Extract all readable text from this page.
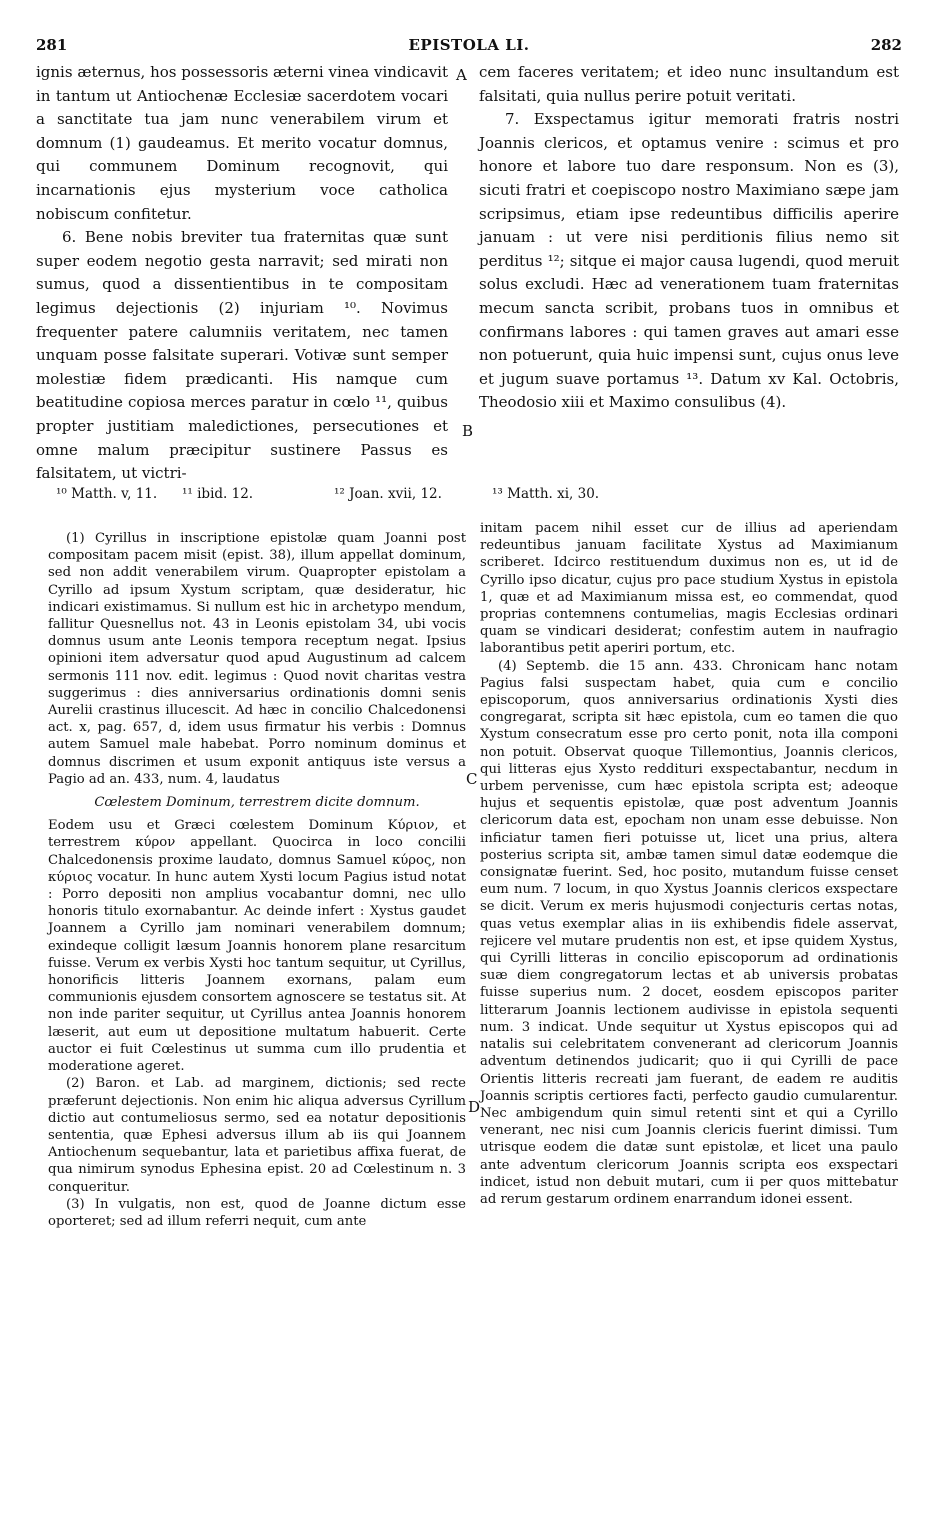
281	EPISTOLA LI.	282

ignis æternus, hos possessoris æterni vinea vindicavit in tantum ut Antiochenæ Ecclesiæ sacerdotem vocari a sanctitate tua jam nunc venerabilem virum et domnum (1) gaudeamus. Et merito vocatur domnus, qui communem Dominum recognovit, qui incarnationis ejus mysterium voce catholica nobiscum confitetur.

6. Bene nobis breviter tua fraternitas quæ sunt super eodem negotio gesta narravit; sed mirati non sumus, quod a dissentientibus in te compositam legimus dejectionis (2) injuriam ¹⁰. Novimus frequenter patere calumniis veritatem, nec tamen unquam posse falsitate superari. Votivæ sunt semper molestiæ fidem prædicanti. His namque cum beatitudine copiosa merces paratur in cœlo ¹¹, quibus propter justitiam maledictiones, persecutiones et omne malum præcipitur sustinere Passus es falsitatem, ut victri-

cem faceres veritatem; et ideo nunc insultandum est falsitati, quia nullus perire potuit veritati.

7. Exspectamus igitur memorati fratris nostri Joannis clericos, et optamus venire : scimus et pro honore et labore tuo dare responsum. Non es (3), sicuti fratri et coepiscopo nostro Maximiano sæpe jam scripsimus, etiam ipse redeuntibus difficilis aperire januam : ut vere nisi perditionis filius nemo sit perditus ¹²; sitque ei major causa lugendi, quod meruit solus excludi. Hæc ad venerationem tuam fraternitas mecum sancta scribit, probans tuos in omnibus et confirmans labores : qui tamen graves aut amari esse non potuerunt, quia huic impensi sunt, cujus onus leve et jugum suave portamus ¹³. Datum xv Kal. Octobris, Theodosio xiii et Maximo consulibus (4).

A
B
C
D
¹⁰ Matth. v, 11. ¹¹ ibid. 12.	¹² Joan. xvii, 12.	¹³ Matth. xi, 30.

(1) Cyrillus in inscriptione epistolæ quam Joanni post compositam pacem misit (epist. 38), illum appellat dominum, sed non addit venerabilem virum. Quapropter epistolam a Cyrillo ad ipsum Xystum scriptam, quæ desideratur, hic indicari existimamus. Si nullum est hic in archetypo mendum, fallitur Quesnellus not. 43 in Leonis epistolam 34, ubi vocis domnus usum ante Leonis tempora receptum negat. Ipsius opinioni item adversatur quod apud Augustinum ad calcem sermonis 111 nov. edit. legimus : Quod novit charitas vestra suggerimus : dies anniversarius ordinationis domni senis Aurelii crastinus illucescit. Ad hæc in concilio Chalcedonensi act. x, pag. 657, d, idem usus firmatur his verbis : Domnus autem Samuel male habebat. Porro nominum dominus et domnus discrimen et usum exponit antiquus iste versus a Pagio ad an. 433, num. 4, laudatus

Cœlestem Dominum, terrestrem dicite domnum.

Eodem usu et Græci cœlestem Dominum Κύριον, et terrestrem κύρον appellant. Quocirca in loco concilii Chalcedonensis proxime laudato, domnus Samuel κύρος, non κύριος vocatur. In hunc autem Xysti locum Pagius istud notat : Porro depositi non amplius vocabantur domni, nec ullo honoris titulo exornabantur. Ac deinde infert : Xystus gaudet Joannem a Cyrillo jam nominari venerabilem domnum; exindeque colligit læsum Joannis honorem plane resarcitum fuisse. Verum ex verbis Xysti hoc tantum sequitur, ut Cyrillus, honorificis litteris Joannem exornans, palam eum communionis ejusdem consortem agnoscere se testatus sit. At non inde pariter sequitur, ut Cyrillus antea Joannis honorem læserit, aut eum ut depositione multatum habuerit. Certe auctor ei fuit Cœlestinus ut summa cum illo prudentia et moderatione ageret.

(2) Baron. et Lab. ad marginem, dictionis; sed recte præferunt dejectionis. Non enim hic aliqua adversus Cyrillum dictio aut contumeliosus sermo, sed ea notatur depositionis sententia, quæ Ephesi adversus illum ab iis qui Joannem Antiochenum sequebantur, lata et parietibus affixa fuerat, de qua nimirum synodus Ephesina epist. 20 ad Cœlestinum n. 3 conqueritur.

(3) In vulgatis, non est, quod de Joanne dictum esse oporteret; sed ad illum referri nequit, cum ante

initam pacem nihil esset cur de illius ad aperiendam redeuntibus januam facilitate Xystus ad Maximianum scriberet. Idcirco restituendum duximus non es, ut id de Cyrillo ipso dicatur, cujus pro pace studium Xystus in epistola 1, quæ et ad Maximianum missa est, eo commendat, quod proprias contemnens contumelias, magis Ecclesias ordinari quam se vindicari desiderat; confestim autem in naufragio laborantibus petit aperiri portum, etc.

(4) Septemb. die 15 ann. 433. Chronicam hanc notam Pagius falsi suspectam habet, quia cum e concilio episcoporum, quos anniversarius ordinationis Xysti dies congregarat, scripta sit hæc epistola, cum eo tamen die quo Xystum consecratum esse pro certo ponit, nota illa componi non potuit. Observat quoque Tillemontius, Joannis clericos, qui litteras ejus Xysto reddituri exspectabantur, necdum in urbem pervenisse, cum hæc epistola scripta est; adeoque hujus et sequentis epistolæ, quæ post adventum Joannis clericorum data est, epocham non unam esse debuisse. Non inficiatur tamen fieri potuisse ut, licet una prius, altera posterius scripta sit, ambæ tamen simul datæ eodemque die consignatæ fuerint. Sed, hoc posito, mutandum fuisse censet eum num. 7 locum, in quo Xystus Joannis clericos exspectare se dicit. Verum ex meris hujusmodi conjecturis certas notas, quas vetus exemplar alias in iis exhibendis fidele asservat, rejicere vel mutare prudentis non est, et ipse quidem Xystus, qui Cyrilli litteras in concilio episcoporum ad ordinationis suæ diem congregatorum lectas et ab universis probatas fuisse superius num. 2 docet, eosdem episcopos pariter litterarum Joannis lectionem audivisse in epistola sequenti num. 3 indicat. Unde sequitur ut Xystus episcopos qui ad natalis sui celebritatem convenerant ad clericorum Joannis adventum detinendos judicarit; quo ii qui Cyrilli de pace Orientis litteris recreati jam fuerant, de eadem re auditis Joannis scriptis certiores facti, perfecto gaudio cumularentur. Nec ambigendum quin simul retenti sint et qui a Cyrillo venerant, nec nisi cum Joannis clericis fuerint dimissi. Tum utrisque eodem die datæ sunt epistolæ, et licet una paulo ante adventum clericorum Joannis scripta eos exspectari indicet, istud non debuit mutari, cum ii per quos mittebatur ad rerum gestarum ordinem enarrandum idonei essent.
